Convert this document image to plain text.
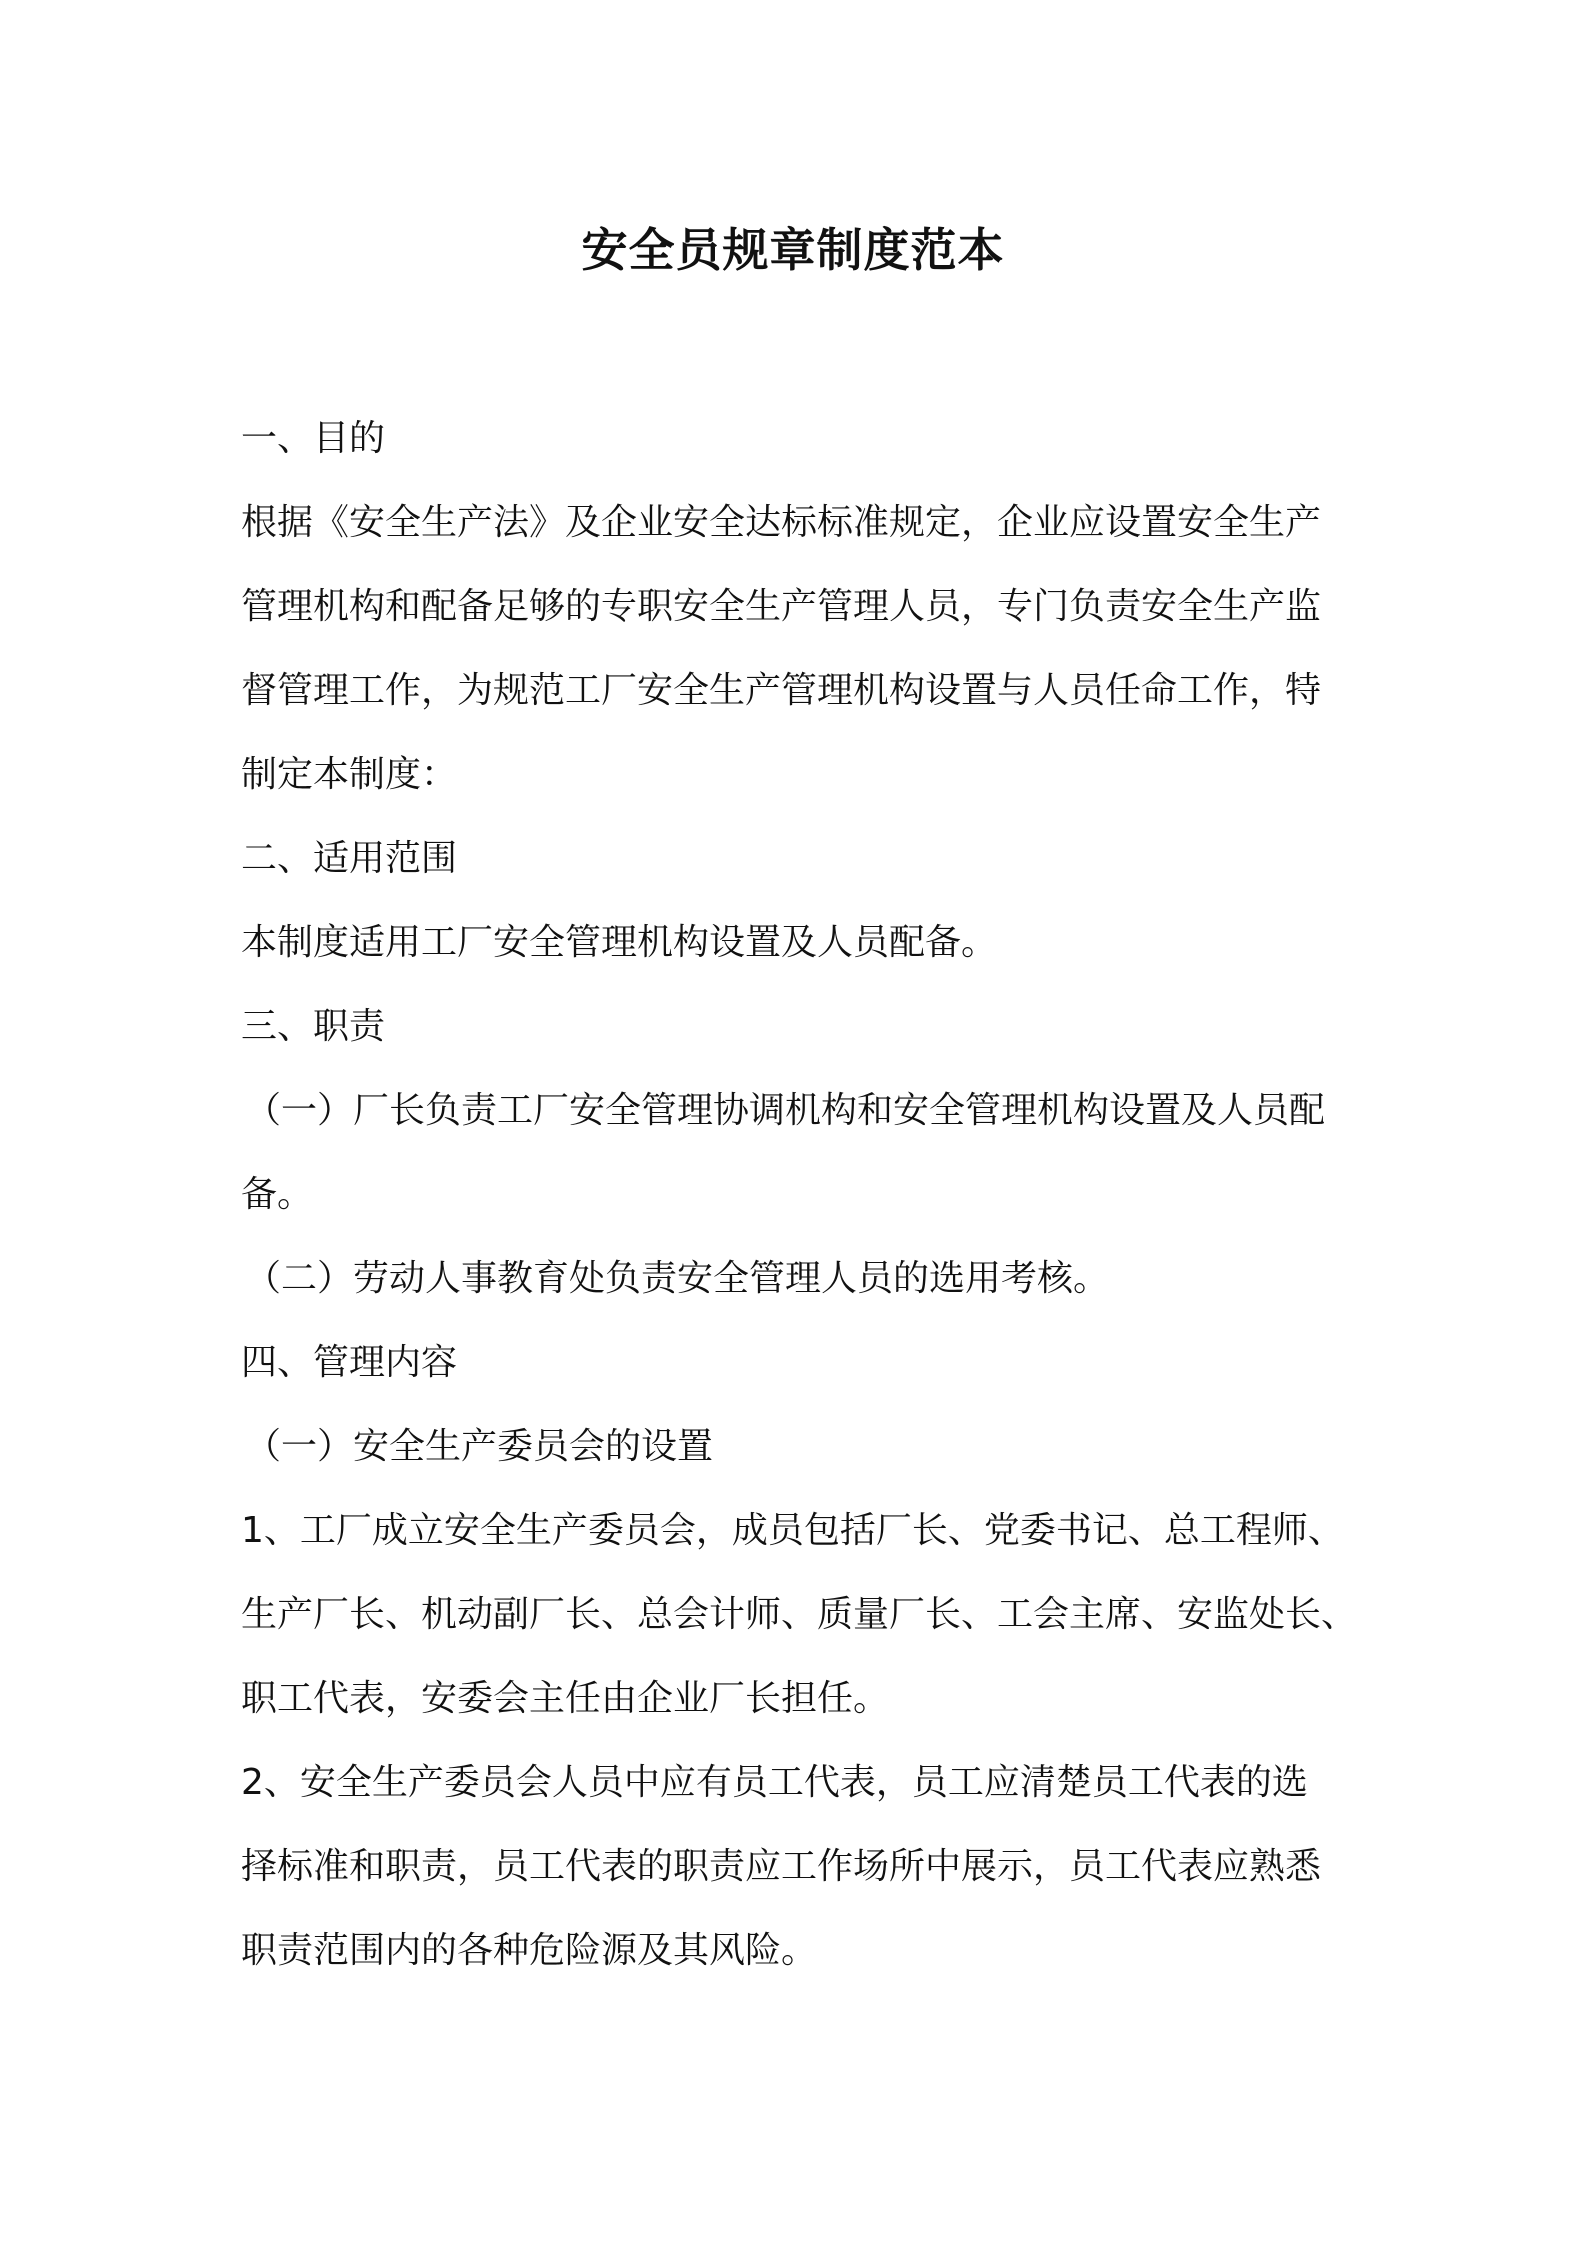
安全员规章制度范本

一、目的

根据《安全生产法》及企业安全达标标准规定，企业应设置安全生产

管理机构和配备足够的专职安全生产管理人员，专门负责安全生产监

督管理工作，为规范工厂安全生产管理机构设置与人员任命工作，特

制定本制度：

二、适用范围

本制度适用工厂安全管理机构设置及人员配备。

三、职责

（一）厂长负责工厂安全管理协调机构和安全管理机构设置及人员配

备。

（二）劳动人事教育处负责安全管理人员的选用考核。

四、管理内容

（一）安全生产委员会的设置

1、工厂成立安全生产委员会，成员包括厂长、党委书记、总工程师、

生产厂长、机动副厂长、总会计师、质量厂长、工会主席、安监处长、

职工代表，安委会主任由企业厂长担任。

2、安全生产委员会人员中应有员工代表，员工应清楚员工代表的选

择标准和职责，员工代表的职责应工作场所中展示，员工代表应熟悉

职责范围内的各种危险源及其风险。
